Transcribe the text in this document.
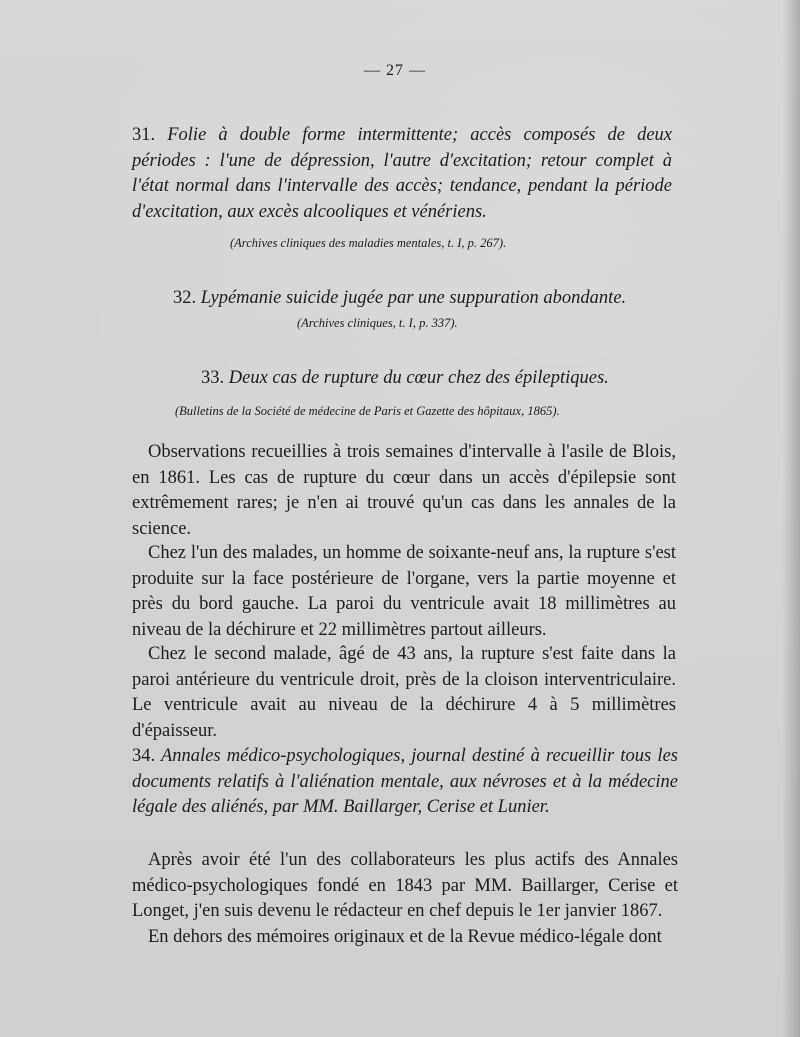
— 27 —
31. Folie à double forme intermittente; accès composés de deux périodes : l'une de dépression, l'autre d'excitation; retour complet à l'état normal dans l'intervalle des accès; tendance, pendant la période d'excitation, aux excès alcooliques et vénériens.
(Archives cliniques des maladies mentales, t. I, p. 267).
32. Lypémanie suicide jugée par une suppuration abondante.
(Archives cliniques, t. I, p. 337).
33. Deux cas de rupture du cœur chez des épileptiques.
(Bulletins de la Société de médecine de Paris et Gazette des hôpitaux, 1865).
Observations recueillies à trois semaines d'intervalle à l'asile de Blois, en 1861. Les cas de rupture du cœur dans un accès d'épilepsie sont extrêmement rares; je n'en ai trouvé qu'un cas dans les annales de la science.
Chez l'un des malades, un homme de soixante-neuf ans, la rupture s'est produite sur la face postérieure de l'organe, vers la partie moyenne et près du bord gauche. La paroi du ventricule avait 18 millimètres au niveau de la déchirure et 22 millimètres partout ailleurs.
Chez le second malade, âgé de 43 ans, la rupture s'est faite dans la paroi antérieure du ventricule droit, près de la cloison interventriculaire. Le ventricule avait au niveau de la déchirure 4 à 5 millimètres d'épaisseur.
34. Annales médico-psychologiques, journal destiné à recueillir tous les documents relatifs à l'aliénation mentale, aux névroses et à la médecine légale des aliénés, par MM. Baillarger, Cerise et Lunier.
Après avoir été l'un des collaborateurs les plus actifs des Annales médico-psychologiques fondé en 1843 par MM. Baillarger, Cerise et Longet, j'en suis devenu le rédacteur en chef depuis le 1er janvier 1867.
En dehors des mémoires originaux et de la Revue médico-légale dont
